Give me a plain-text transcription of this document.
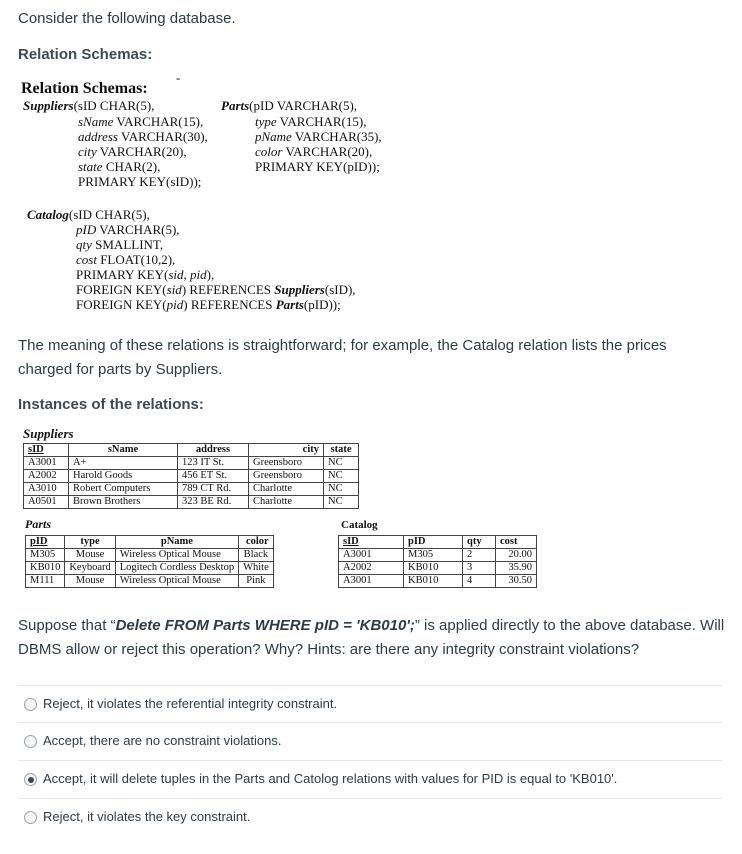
Consider the following database.
Relation Schemas:
Relation Schemas:
-
Suppliers(sID CHAR(5),
sName VARCHAR(15),
address VARCHAR(30),
city VARCHAR(20),
state CHAR(2),
PRIMARY KEY(sID));
Parts(pID VARCHAR(5),
type VARCHAR(15),
pName VARCHAR(35),
color VARCHAR(20),
PRIMARY KEY(pID));
Catalog(sID CHAR(5),
pID VARCHAR(5),
qty SMALLINT,
cost FLOAT(10,2),
PRIMARY KEY(sid, pid),
FOREIGN KEY(sid) REFERENCES Suppliers(sID),
FOREIGN KEY(pid) REFERENCES Parts(pID));
The meaning of these relations is straightforward; for example, the Catalog relation lists the prices charged for parts by Suppliers.
Instances of the relations:
Suppliers
sID	sName	address	city	state
A3001	A+	123 IT St.	Greensboro	NC
A2002	Harold Goods	456 ET St.	Greensboro	NC
A3010	Robert Computers	789 CT Rd.	Charlotte	NC
A0501	Brown Brothers	323 BE Rd.	Charlotte	NC
Parts
pID	type	pName	color
M305	Mouse	Wireless Optical Mouse	Black
KB010	Keyboard	Logitech Cordless Desktop	White
M111	Mouse	Wireless Optical Mouse	Pink
Catalog
sID	pID	qty	cost
A3001	M305	2	20.00
A2002	KB010	3	35.90
A3001	KB010	4	30.50
Suppose that “Delete FROM Parts WHERE pID = 'KB010';” is applied directly to the above database. Will DBMS allow or reject this operation? Why? Hints: are there any integrity constraint violations?
Reject, it violates the referential integrity constraint.
Accept, there are no constraint violations.
Accept, it will delete tuples in the Parts and Catolog relations with values for PID is equal to 'KB010'.
Reject, it violates the key constraint.
